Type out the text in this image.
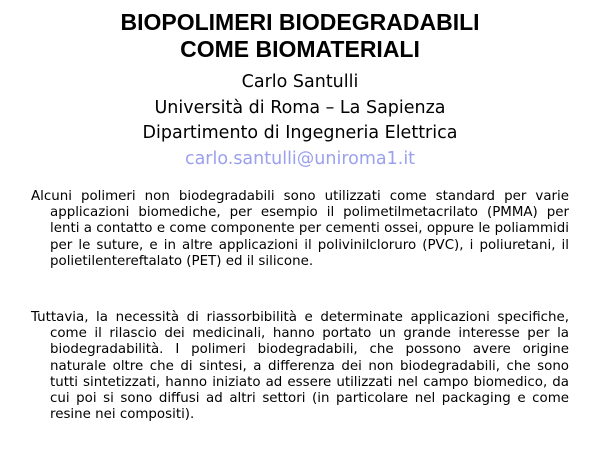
BIOPOLIMERI BIODEGRADABILI
COME BIOMATERIALI

Carlo Santulli

Università di Roma – La Sapienza

Dipartimento di Ingegneria Elettrica

carlo.santulli@uniroma1.it

Alcuni polimeri non biodegradabili sono utilizzati come standard per varie applicazioni biomediche, per esempio il polimetilmetacrilato (PMMA) per lenti a contatto e come componente per cementi ossei, oppure le poliammidi per le suture, e in altre applicazioni il polivinilcloruro (PVC), i poliuretani, il polietilentereftalato (PET) ed il silicone.

Tuttavia, la necessità di riassorbibilità e determinate applicazioni specifiche, come il rilascio dei medicinali, hanno portato un grande interesse per la biodegradabilità. I polimeri biodegradabili, che possono avere origine naturale oltre che di sintesi, a differenza dei non biodegradabili, che sono tutti sintetizzati, hanno iniziato ad essere utilizzati nel campo biomedico, da cui poi si sono diffusi ad altri settori (in particolare nel packaging e come resine nei compositi).
